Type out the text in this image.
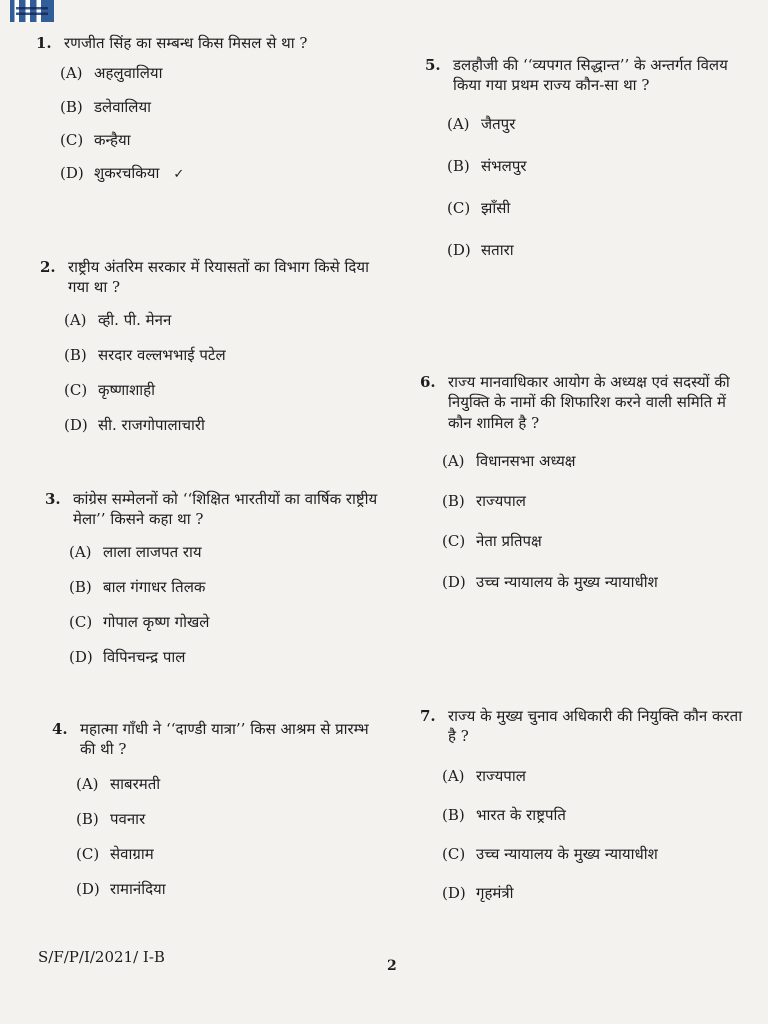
1. रणजीत सिंह का सम्बन्ध किस मिसल से था ?
(A) अहलुवालिया
(B) डलेवालिया
(C) कन्हैया
(D) शुकरचकिया ✓
2. राष्ट्रीय अंतरिम सरकार में रियासतों का विभाग किसे दिया गया था ?
(A) व्ही. पी. मेनन
(B) सरदार वल्लभभाई पटेल
(C) कृष्णाशाही
(D) सी. राजगोपालाचारी
3. कांग्रेस सम्मेलनों को ‘‘शिक्षित भारतीयों का वार्षिक राष्ट्रीय मेला’’ किसने कहा था ?
(A) लाला लाजपत राय
(B) बाल गंगाधर तिलक
(C) गोपाल कृष्ण गोखले
(D) विपिनचन्द्र पाल
4. महात्मा गाँधी ने ‘‘दाण्डी यात्रा’’ किस आश्रम से प्रारम्भ की थी ?
(A) साबरमती
(B) पवनार
(C) सेवाग्राम
(D) रामानंदिया
5. डलहौजी की ‘‘व्यपगत सिद्धान्त’’ के अन्तर्गत विलय किया गया प्रथम राज्य कौन-सा था ?
(A) जैतपुर
(B) संभलपुर
(C) झाँसी
(D) सतारा
6. राज्य मानवाधिकार आयोग के अध्यक्ष एवं सदस्यों की नियुक्ति के नामों की शिफारिश करने वाली समिति में कौन शामिल है ?
(A) विधानसभा अध्यक्ष
(B) राज्यपाल
(C) नेता प्रतिपक्ष
(D) उच्च न्यायालय के मुख्य न्यायाधीश
7. राज्य के मुख्य चुनाव अधिकारी की नियुक्ति कौन करता है ?
(A) राज्यपाल
(B) भारत के राष्ट्रपति
(C) उच्च न्यायालय के मुख्य न्यायाधीश
(D) गृहमंत्री
S/F/P/I/2021/ I-B	2
